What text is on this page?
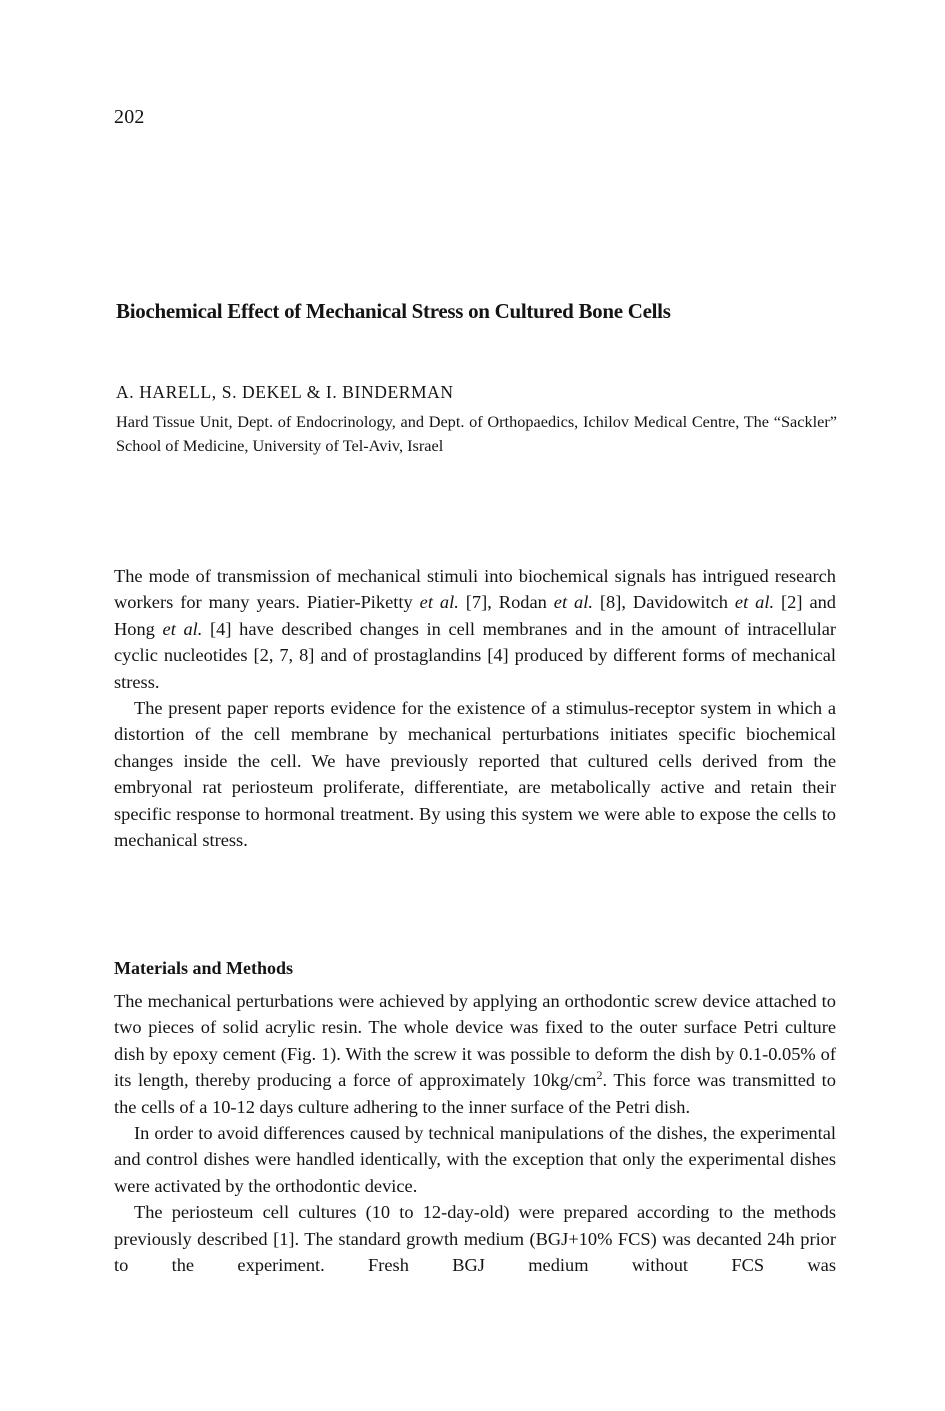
202
Biochemical Effect of Mechanical Stress on Cultured Bone Cells
A. HARELL, S. DEKEL & I. BINDERMAN
Hard Tissue Unit, Dept. of Endocrinology, and Dept. of Orthopaedics, Ichilov Medical Centre, The “Sackler” School of Medicine, University of Tel-Aviv, Israel

The mode of transmission of mechanical stimuli into biochemical signals has intrigued research workers for many years. Piatier-Piketty et al. [7], Rodan et al. [8], Davidowitch et al. [2] and Hong et al. [4] have described changes in cell membranes and in the amount of intracellular cyclic nucleotides [2, 7, 8] and of prostaglandins [4] produced by different forms of mechanical stress.

The present paper reports evidence for the existence of a stimulus-receptor system in which a distortion of the cell membrane by mechanical perturbations initiates specific biochemical changes inside the cell. We have previously reported that cultured cells derived from the embryonal rat periosteum proliferate, differentiate, are metabolically active and retain their specific response to hormonal treatment. By using this system we were able to expose the cells to mechanical stress.

Materials and Methods

The mechanical perturbations were achieved by applying an orthodontic screw device attached to two pieces of solid acrylic resin. The whole device was fixed to the outer surface Petri culture dish by epoxy cement (Fig. 1). With the screw it was possible to deform the dish by 0.1-0.05% of its length, thereby producing a force of approximately $10kg/cm^2$. This force was transmitted to the cells of a 10-12 days culture adhering to the inner surface of the Petri dish.

In order to avoid differences caused by technical manipulations of the dishes, the experimental and control dishes were handled identically, with the exception that only the experimental dishes were activated by the orthodontic device.

The periosteum cell cultures (10 to 12-day-old) were prepared according to the methods previously described [1]. The standard growth medium (BGJ+10% FCS) was decanted 24h prior to the experiment. Fresh BGJ medium without FCS was
